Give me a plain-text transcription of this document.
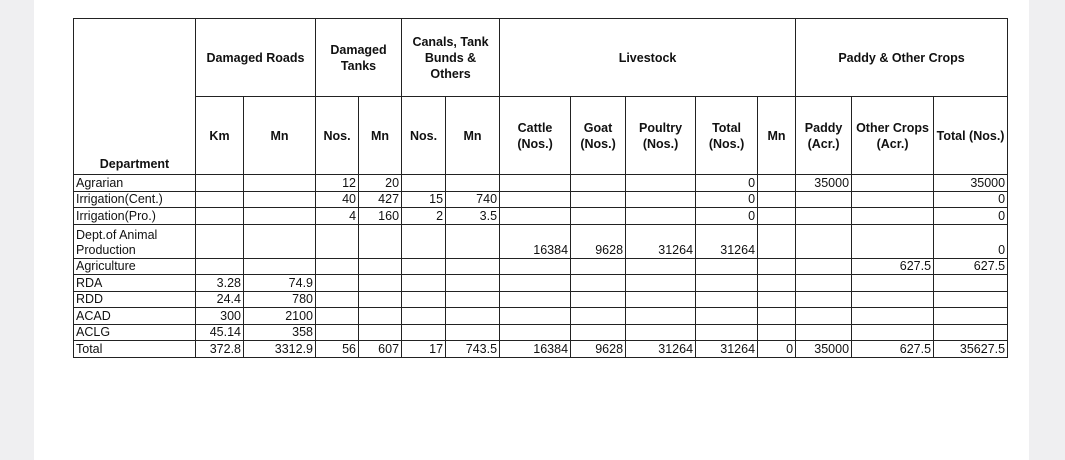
Department	Damaged Roads		Damaged Tanks		Canals, Tank Bunds & Others		Livestock					Paddy & Other Crops		
	Km	Mn	Nos.	Mn	Nos.	Mn	Cattle (Nos.)	Goat (Nos.)	Poultry (Nos.)	Total (Nos.)	Mn	Paddy (Acr.)	Other Crops (Acr.)	Total (Nos.)
Agrarian			12	20						0		35000		35000
Irrigation(Cent.)			40	427	15	740				0				0
Irrigation(Pro.)			4	160	2	3.5				0				0
Dept.of Animal Production							16384	9628	31264	31264				0
Agriculture													627.5	627.5
RDA	3.28	74.9												
RDD	24.4	780												
ACAD	300	2100												
ACLG	45.14	358												
Total	372.8	3312.9	56	607	17	743.5	16384	9628	31264	31264	0	35000	627.5	35627.5
